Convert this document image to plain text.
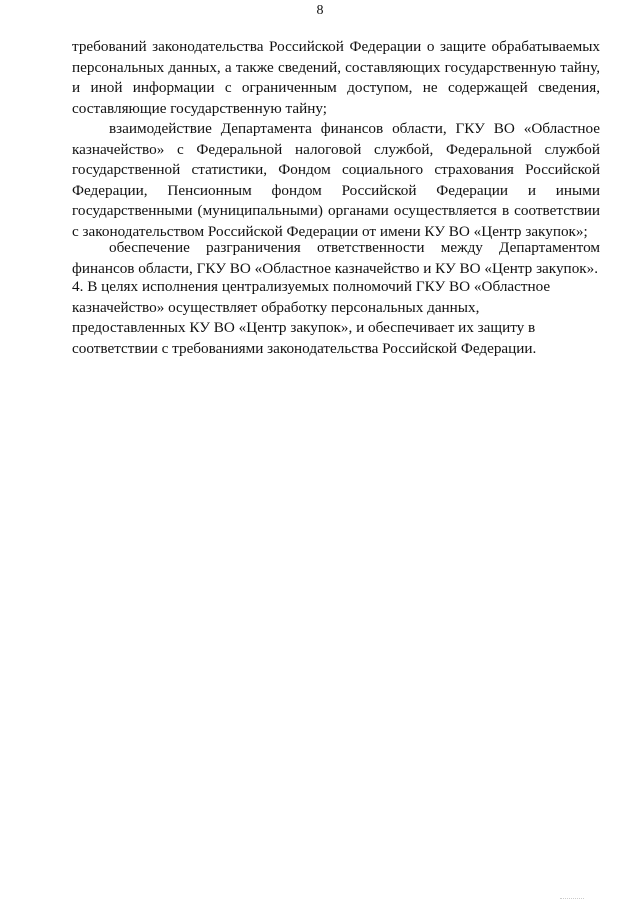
8

требований законодательства Российской Федерации о защите обрабатываемых персональных данных, а также сведений, составляющих государственную тайну, и иной информации с ограниченным доступом, не содержащей сведения, составляющие государственную тайну;

взаимодействие Департамента финансов области, ГКУ ВО «Областное казначейство» с Федеральной налоговой службой, Федеральной службой государственной статистики, Фондом социального страхования Российской Федерации, Пенсионным фондом Российской Федерации и иными государственными (муниципальными) органами осуществляется в соответствии с законодательством Российской Федерации от имени КУ ВО «Центр закупок»;

обеспечение разграничения ответственности между Департаментом финансов области, ГКУ ВО «Областное казначейство и КУ ВО «Центр закупок».

4. В целях исполнения централизуемых полномочий ГКУ ВО «Областное казначейство» осуществляет обработку персональных данных, предоставленных КУ ВО «Центр закупок», и обеспечивает их защиту в соответствии с требованиями законодательства Российской Федерации.
